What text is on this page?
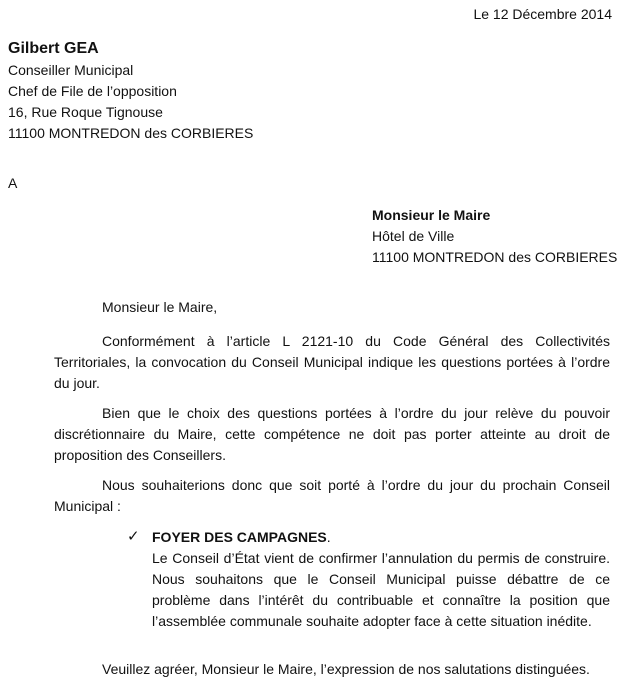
Le 12 Décembre 2014
Gilbert GEA
Conseiller Municipal
Chef de File de l’opposition
16, Rue Roque Tignouse
11100 MONTREDON des CORBIERES
A
Monsieur le Maire
Hôtel de Ville
11100 MONTREDON des CORBIERES
Monsieur le Maire,
Conformément à l’article L 2121-10 du Code Général des Collectivités Territoriales, la convocation du Conseil Municipal indique les questions portées à l’ordre du jour.
Bien que le choix des questions portées à l’ordre du jour relève du pouvoir discrétionnaire du Maire, cette compétence ne doit pas porter atteinte au droit de proposition des Conseillers.
Nous souhaiterions donc que soit porté à l’ordre du jour du prochain Conseil Municipal :
✓ FOYER DES CAMPAGNES.
Le Conseil d’État vient de confirmer l’annulation du permis de construire. Nous souhaitons que le Conseil Municipal puisse débattre de ce problème dans l’intérêt du contribuable et connaître la position que l’assemblée communale souhaite adopter face à cette situation inédite.
Veuillez agréer, Monsieur le Maire, l’expression de nos salutations distinguées.
